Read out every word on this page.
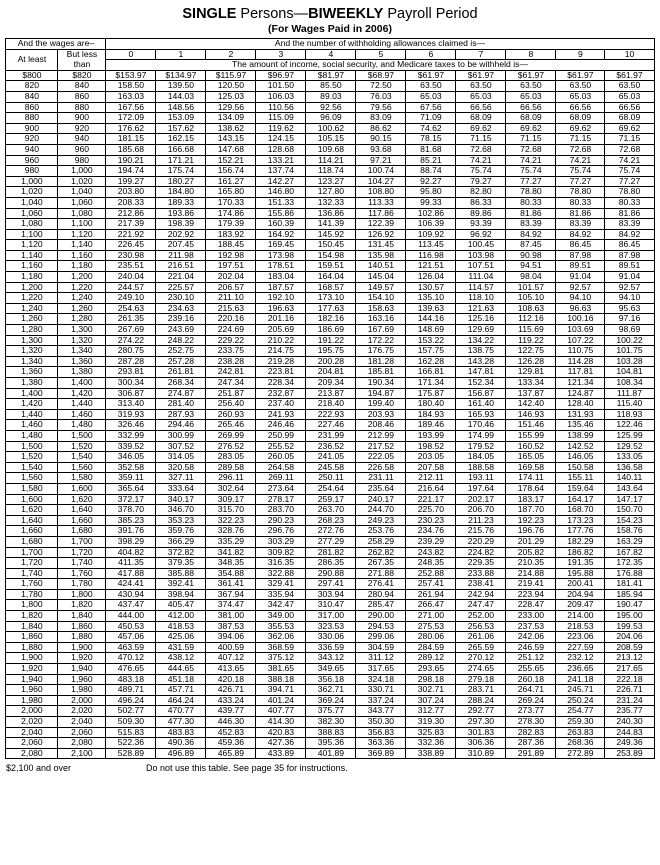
SINGLE Persons—BIWEEKLY Payroll Period
(For Wages Paid in 2006)
And the wages are–		And the number of withholding allowances claimed is—										
At least	But less
than	0	1	2	3	4	5	6	7	8	9	10
		The amount of income, social security, and Medicare taxes to be withheld is—										
$800	$820	$153.97	$134.97	$115.97	$96.97	$81.97	$68.97	$61.97	$61.97	$61.97	$61.97	$61.97
820	840	158.50	139.50	120.50	101.50	85.50	72.50	63.50	63.50	63.50	63.50	63.50
840	860	163.03	144.03	125.03	106.03	89.03	76.03	65.03	65.03	65.03	65.03	65.03
860	880	167.56	148.56	129.56	110.56	92.56	79.56	67.56	66.56	66.56	66.56	66.56
880	900	172.09	153.09	134.09	115.09	96.09	83.09	71.09	68.09	68.09	68.09	68.09
900	920	176.62	157.62	138.62	119.62	100.62	86.62	74.62	69.62	69.62	69.62	69.62
920	940	181.15	162.15	143.15	124.15	105.15	90.15	78.15	71.15	71.15	71.15	71.15
940	960	185.68	166.68	147.68	128.68	109.68	93.68	81.68	72.68	72.68	72.68	72.68
960	980	190.21	171.21	152.21	133.21	114.21	97.21	85.21	74.21	74.21	74.21	74.21
980	1,000	194.74	175.74	156.74	137.74	118.74	100.74	88.74	75.74	75.74	75.74	75.74
1,000	1,020	199.27	180.27	161.27	142.27	123.27	104.27	92.27	79.27	77.27	77.27	77.27
1,020	1,040	203.80	184.80	165.80	146.80	127.80	108.80	95.80	82.80	78.80	78.80	78.80
1,040	1,060	208.33	189.33	170.33	151.33	132.33	113.33	99.33	86.33	80.33	80.33	80.33
1,060	1,080	212.86	193.86	174.86	155.86	136.86	117.86	102.86	89.86	81.86	81.86	81.86
1,080	1,100	217.39	198.39	179.39	160.39	141.39	122.39	106.39	93.39	83.39	83.39	83.39
1,100	1,120	221.92	202.92	183.92	164.92	145.92	126.92	109.92	96.92	84.92	84.92	84.92
1,120	1,140	226.45	207.45	188.45	169.45	150.45	131.45	113.45	100.45	87.45	86.45	86.45
1,140	1,160	230.98	211.98	192.98	173.98	154.98	135.98	116.98	103.98	90.98	87.98	87.98
1,160	1,180	235.51	216.51	197.51	178.51	159.51	140.51	121.51	107.51	94.51	89.51	89.51
1,180	1,200	240.04	221.04	202.04	183.04	164.04	145.04	126.04	111.04	98.04	91.04	91.04
1,200	1,220	244.57	225.57	206.57	187.57	168.57	149.57	130.57	114.57	101.57	92.57	92.57
1,220	1,240	249.10	230.10	211.10	192.10	173.10	154.10	135.10	118.10	105.10	94.10	94.10
1,240	1,260	254.63	234.63	215.63	196.63	177.63	158.63	139.63	121.63	108.63	96.63	95.63
1,260	1,280	261.35	239.16	220.16	201.16	182.16	163.16	144.16	125.16	112.16	100.16	97.16
1,280	1,300	267.69	243.69	224.69	205.69	186.69	167.69	148.69	129.69	115.69	103.69	98.69
1,300	1,320	274.22	248.22	229.22	210.22	191.22	172.22	153.22	134.22	119.22	107.22	100.22
1,320	1,340	280.75	252.75	233.75	214.75	195.75	176.75	157.75	138.75	122.75	110.75	101.75
1,340	1,360	287.28	257.28	238.28	219.28	200.28	181.28	162.28	143.28	126.28	114.28	103.28
1,360	1,380	293.81	261.81	242.81	223.81	204.81	185.81	166.81	147.81	129.81	117.81	104.81
1,380	1,400	300.34	268.34	247.34	228.34	209.34	190.34	171.34	152.34	133.34	121.34	108.34
1,400	1,420	306.87	274.87	251.87	232.87	213.87	194.87	175.87	156.87	137.87	124.87	111.87
1,420	1,440	313.40	281.40	256.40	237.40	218.40	199.40	180.40	161.40	142.40	128.40	115.40
1,440	1,460	319.93	287.93	260.93	241.93	222.93	203.93	184.93	165.93	146.93	131.93	118.93
1,460	1,480	326.46	294.46	265.46	246.46	227.46	208.46	189.46	170.46	151.46	135.46	122.46
1,480	1,500	332.99	300.99	269.99	250.99	231.99	212.99	193.99	174.99	155.99	138.99	125.99
1,500	1,520	339.52	307.52	276.52	255.52	236.52	217.52	198.52	179.52	160.52	142.52	129.52
1,520	1,540	346.05	314.05	283.05	260.05	241.05	222.05	203.05	184.05	165.05	146.05	133.05
1,540	1,560	352.58	320.58	289.58	264.58	245.58	226.58	207.58	188.58	169.58	150.58	136.58
1,560	1,580	359.11	327.11	296.11	269.11	250.11	231.11	212.11	193.11	174.11	155.11	140.11
1,580	1,600	365.64	333.64	302.64	273.64	254.64	235.64	216.64	197.64	178.64	159.64	143.64
1,600	1,620	372.17	340.17	309.17	278.17	259.17	240.17	221.17	202.17	183.17	164.17	147.17
1,620	1,640	378.70	346.70	315.70	283.70	263.70	244.70	225.70	206.70	187.70	168.70	150.70
1,640	1,660	385.23	353.23	322.23	290.23	268.23	249.23	230.23	211.23	192.23	173.23	154.23
1,660	1,680	391.76	359.76	328.76	296.76	272.76	253.76	234.76	215.76	196.76	177.76	158.76
1,680	1,700	398.29	366.29	335.29	303.29	277.29	258.29	239.29	220.29	201.29	182.29	163.29
1,700	1,720	404.82	372.82	341.82	309.82	281.82	262.82	243.82	224.82	205.82	186.82	167.82
1,720	1,740	411.35	379.35	348.35	316.35	286.35	267.35	248.35	229.35	210.35	191.35	172.35
1,740	1,760	417.88	385.88	354.88	322.88	290.88	271.88	252.88	233.88	214.88	195.88	176.88
1,760	1,780	424.41	392.41	361.41	329.41	297.41	276.41	257.41	238.41	219.41	200.41	181.41
1,780	1,800	430.94	398.94	367.94	335.94	303.94	280.94	261.94	242.94	223.94	204.94	185.94
1,800	1,820	437.47	405.47	374.47	342.47	310.47	285.47	266.47	247.47	228.47	209.47	190.47
1,820	1,840	444.00	412.00	381.00	349.00	317.00	290.00	271.00	252.00	233.00	214.00	195.00
1,840	1,860	450.53	418.53	387.53	355.53	323.53	294.53	275.53	256.53	237.53	218.53	199.53
1,860	1,880	457.06	425.06	394.06	362.06	330.06	299.06	280.06	261.06	242.06	223.06	204.06
1,880	1,900	463.59	431.59	400.59	368.59	336.59	304.59	284.59	265.59	246.59	227.59	208.59
1,900	1,920	470.12	438.12	407.12	375.12	343.12	311.12	289.12	270.12	251.12	232.12	213.12
1,920	1,940	476.65	444.65	413.65	381.65	349.65	317.65	293.65	274.65	255.65	236.65	217.65
1,940	1,960	483.18	451.18	420.18	388.18	356.18	324.18	298.18	279.18	260.18	241.18	222.18
1,960	1,980	489.71	457.71	426.71	394.71	362.71	330.71	302.71	283.71	264.71	245.71	226.71
1,980	2,000	496.24	464.24	433.24	401.24	369.24	337.24	307.24	288.24	269.24	250.24	231.24
2,000	2,020	502.77	470.77	439.77	407.77	375.77	343.77	312.77	292.77	273.77	254.77	235.77
2,020	2,040	509.30	477.30	446.30	414.30	382.30	350.30	319.30	297.30	278.30	259.30	240.30
2,040	2,060	515.83	483.83	452.83	420.83	388.83	356.83	325.83	301.83	282.83	263.83	244.83
2,060	2,080	522.36	490.36	459.36	427.36	395.36	363.36	332.36	306.36	287.36	268.36	249.36
2,080	2,100	528.89	496.89	465.89	433.89	401.89	369.89	338.89	310.89	291.89	272.89	253.89
$2,100 and over	Do not use this table. See page 35 for instructions.
